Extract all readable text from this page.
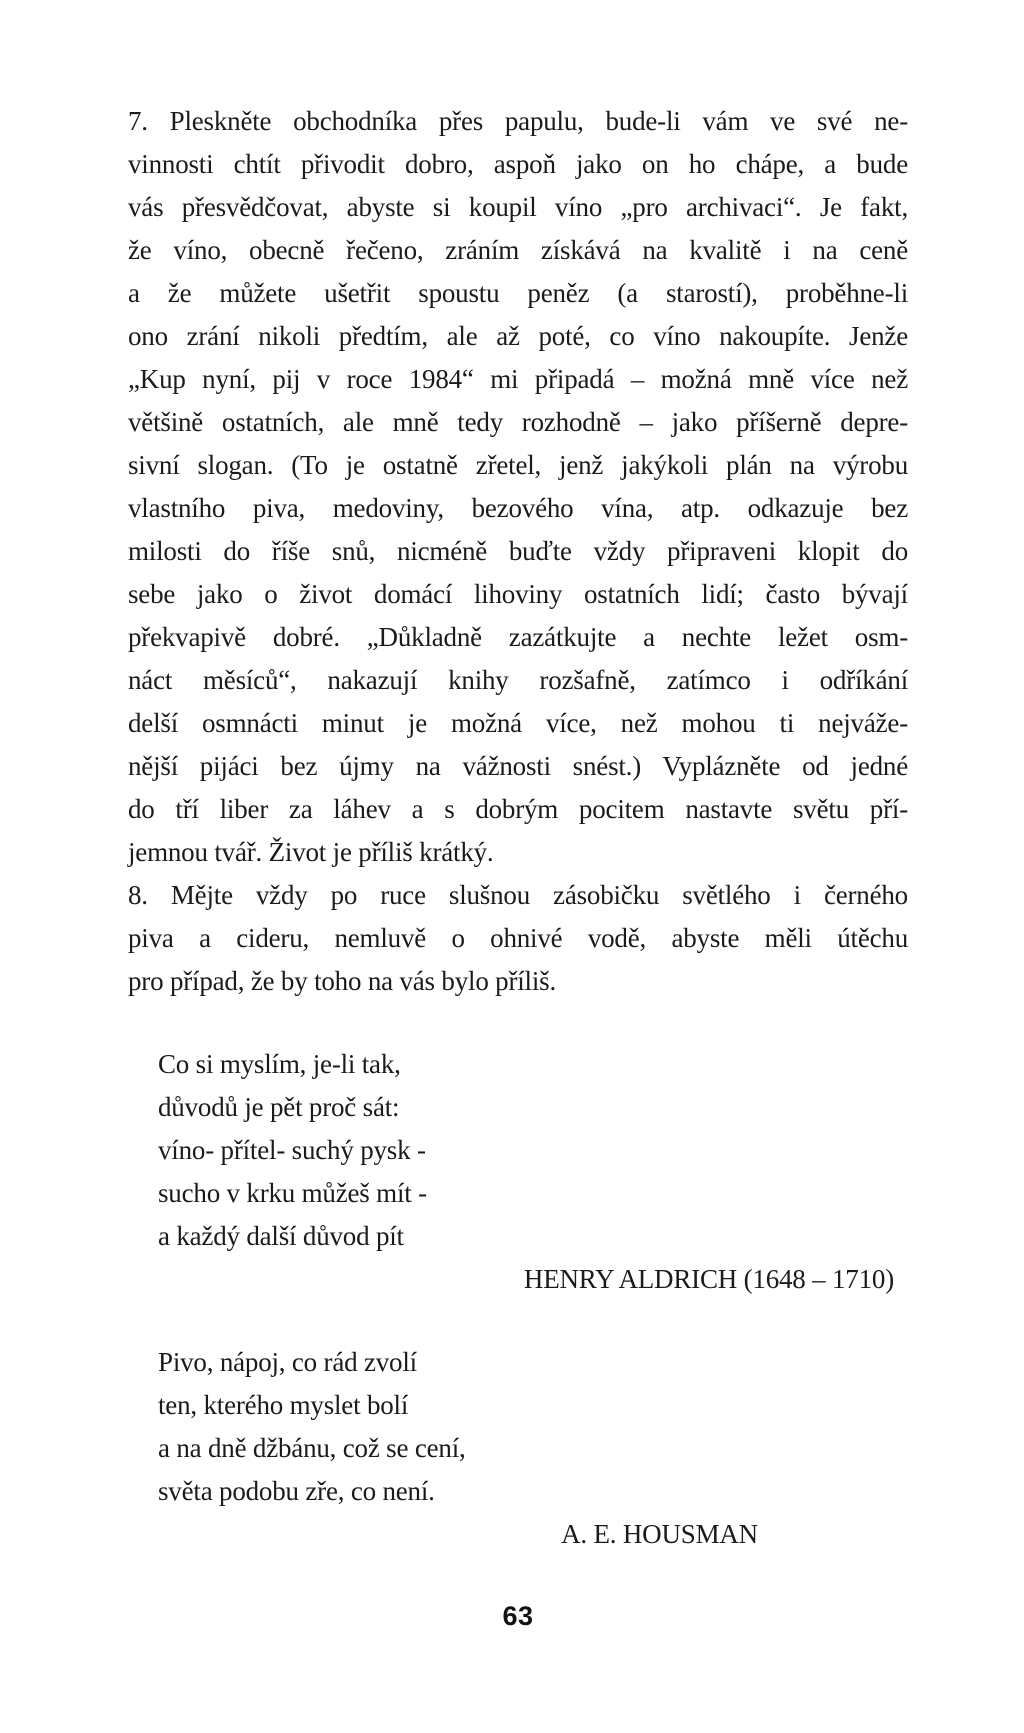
7. Pleskněte obchodníka přes papulu, bude-li vám ve své ne-
vinnosti chtít přivodit dobro, aspoň jako on ho chápe, a bude
vás přesvědčovat, abyste si koupil víno „pro archivaci“. Je fakt,
že víno, obecně řečeno, zráním získává na kvalitě i na ceně
a že můžete ušetřit spoustu peněz (a starostí), proběhne-li
ono zrání nikoli předtím, ale až poté, co víno nakoupíte. Jenže
„Kup nyní, pij v roce 1984“ mi připadá – možná mně více než
většině ostatních, ale mně tedy rozhodně – jako příšerně depre-
sivní slogan. (To je ostatně zřetel, jenž jakýkoli plán na výrobu
vlastního piva, medoviny, bezového vína, atp. odkazuje bez
milosti do říše snů, nicméně buďte vždy připraveni klopit do
sebe jako o život domácí lihoviny ostatních lidí; často bývají
překvapivě dobré. „Důkladně zazátkujte a nechte ležet osm-
náct měsíců“, nakazují knihy rozšafně, zatímco i odříkání
delší osmnácti minut je možná více, než mohou ti nejváže-
nější pijáci bez újmy na vážnosti snést.) Vyplázněte od jedné
do tří liber za láhev a s dobrým pocitem nastavte světu pří-
jemnou tvář. Život je příliš krátký.
8. Mějte vždy po ruce slušnou zásobičku světlého i černého
piva a cideru, nemluvě o ohnivé vodě, abyste měli útěchu
pro případ, že by toho na vás bylo příliš.
Co si myslím, je-li tak,
důvodů je pět proč sát:
víno- přítel- suchý pysk -
sucho v krku můžeš mít -
a každý další důvod pít
HENRY ALDRICH (1648 – 1710)
Pivo, nápoj, co rád zvolí
ten, kterého myslet bolí
a na dně džbánu, což se cení,
světa podobu zře, co není.
A. E. HOUSMAN
63
